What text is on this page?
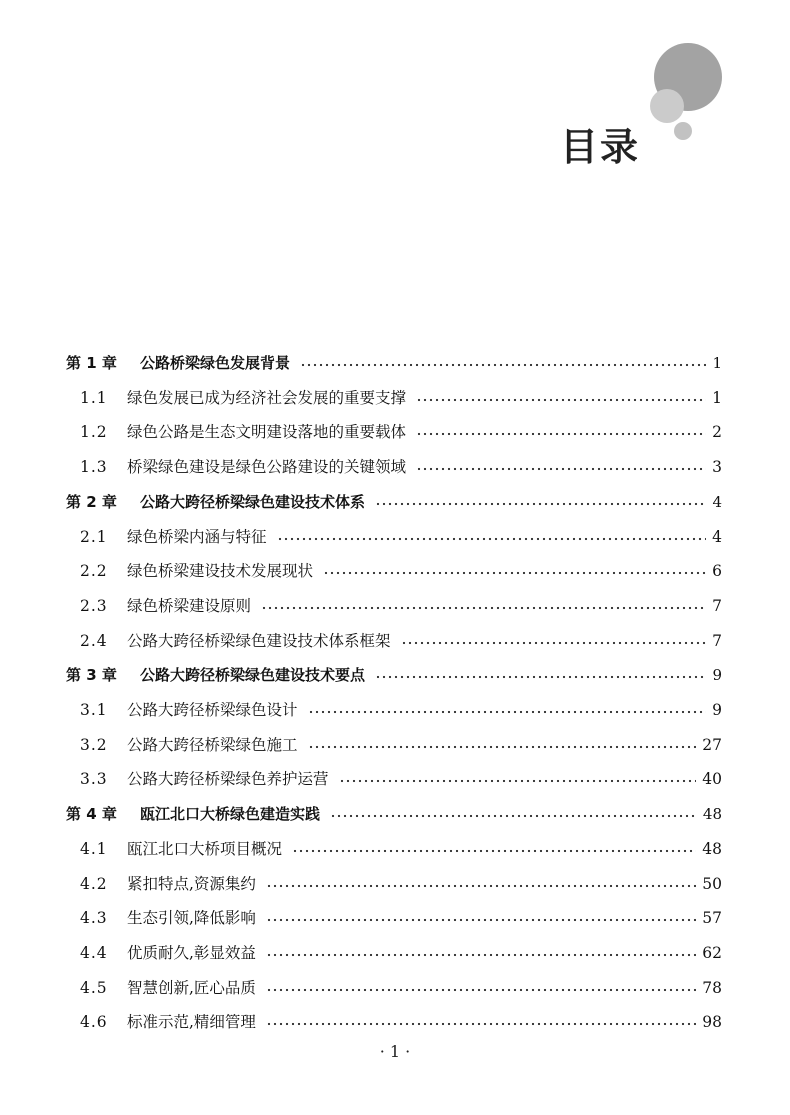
目录
第 1 章	公路桥梁绿色发展背景	1
1.1	绿色发展已成为经济社会发展的重要支撑	1
1.2	绿色公路是生态文明建设落地的重要载体	2
1.3	桥梁绿色建设是绿色公路建设的关键领域	3
第 2 章	公路大跨径桥梁绿色建设技术体系	4
2.1	绿色桥梁内涵与特征	4
2.2	绿色桥梁建设技术发展现状	6
2.3	绿色桥梁建设原则	7
2.4	公路大跨径桥梁绿色建设技术体系框架	7
第 3 章	公路大跨径桥梁绿色建设技术要点	9
3.1	公路大跨径桥梁绿色设计	9
3.2	公路大跨径桥梁绿色施工	27
3.3	公路大跨径桥梁绿色养护运营	40
第 4 章	瓯江北口大桥绿色建造实践	48
4.1	瓯江北口大桥项目概况	48
4.2	紧扣特点,资源集约	50
4.3	生态引领,降低影响	57
4.4	优质耐久,彰显效益	62
4.5	智慧创新,匠心品质	78
4.6	标准示范,精细管理	98
· 1 ·
